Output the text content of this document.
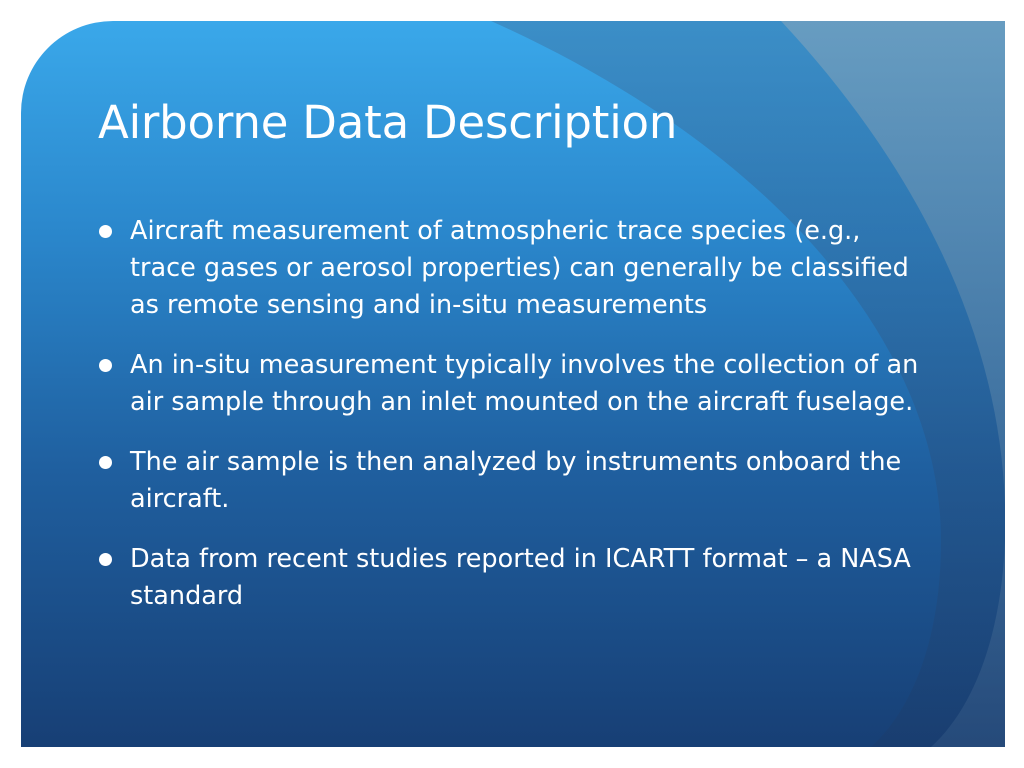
Airborne Data Description
Aircraft measurement of atmospheric trace species (e.g., trace gases or aerosol properties) can generally be classified as remote sensing and in-situ measurements
An in-situ measurement typically involves the collection of an air sample through an inlet mounted on the aircraft fuselage.
The air sample is then analyzed by instruments onboard the aircraft.
Data from recent studies reported in ICARTT format – a NASA standard
